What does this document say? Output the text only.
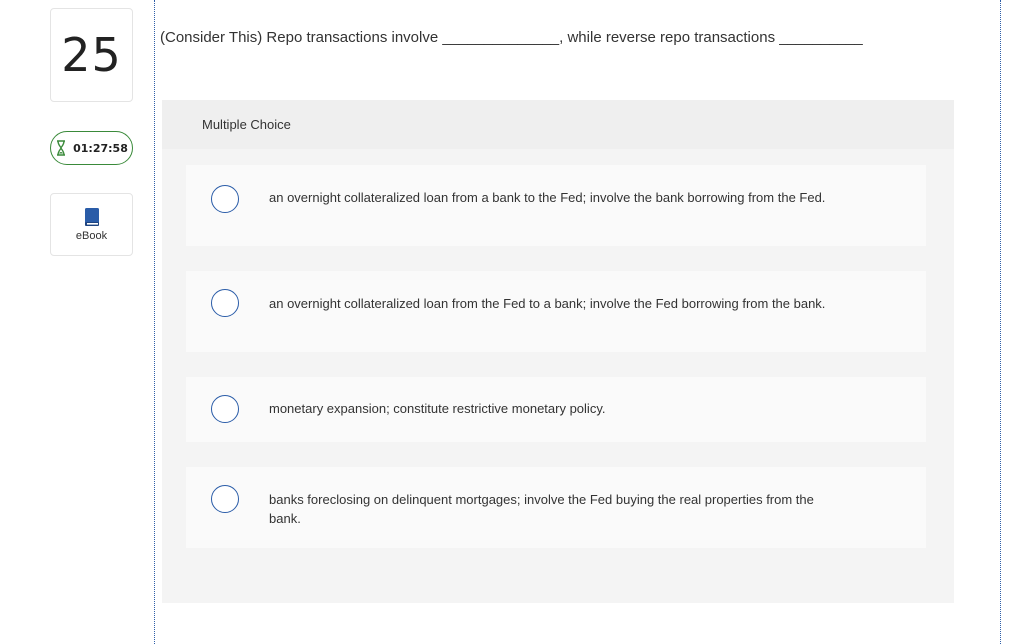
25
01:27:58
eBook
(Consider This) Repo transactions involve ______________, while reverse repo transactions __________
Multiple Choice
an overnight collateralized loan from a bank to the Fed; involve the bank borrowing from the Fed.
an overnight collateralized loan from the Fed to a bank; involve the Fed borrowing from the bank.
monetary expansion; constitute restrictive monetary policy.
banks foreclosing on delinquent mortgages; involve the Fed buying the real properties from the bank.
